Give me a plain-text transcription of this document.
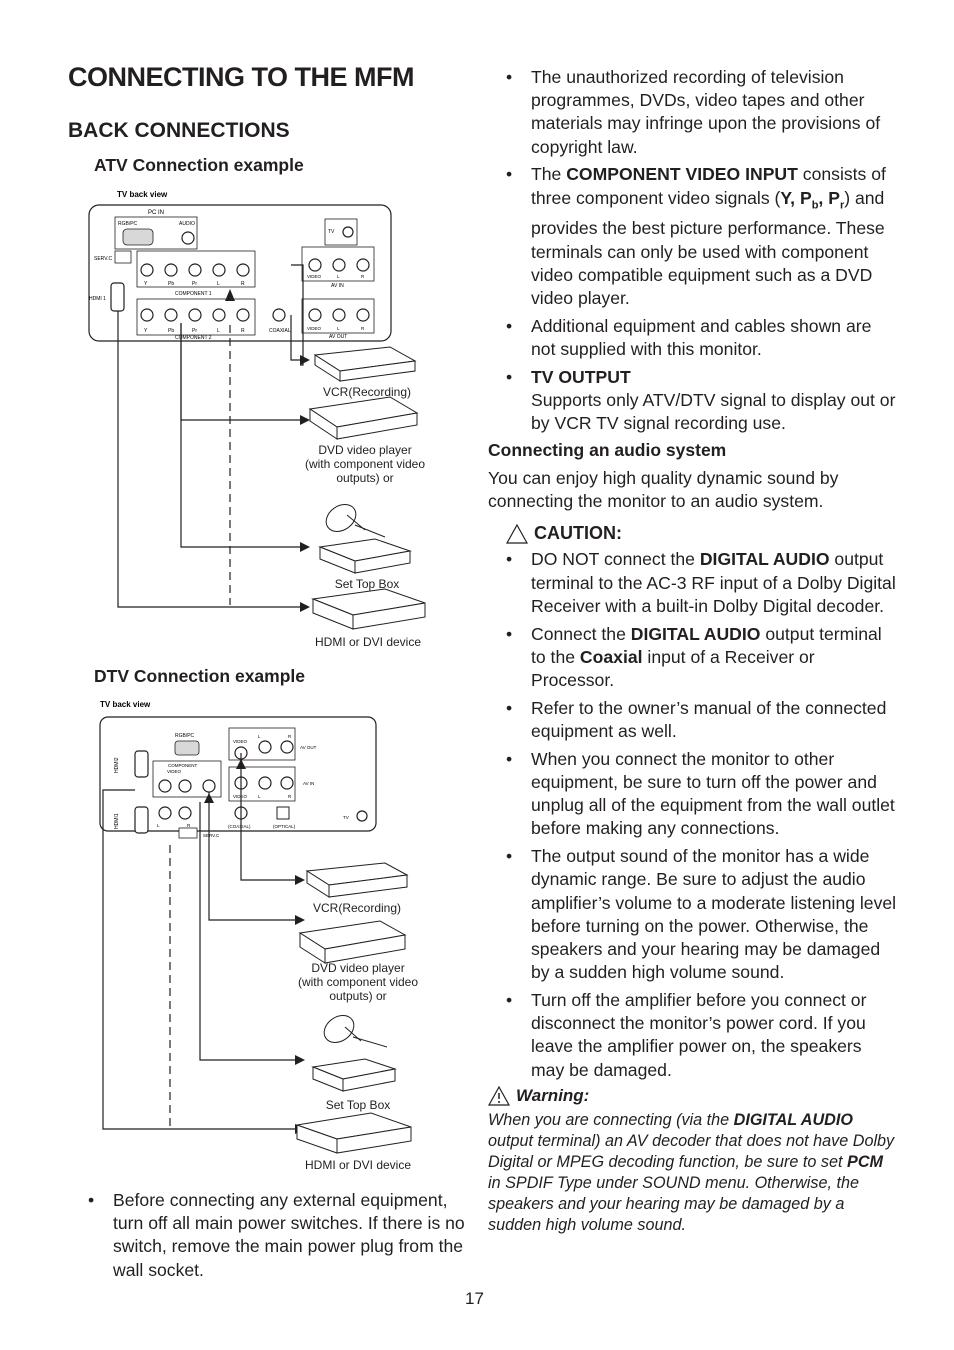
CONNECTING TO THE MFM
BACK CONNECTIONS
ATV Connection example
TV back view
PC IN
RGB/PC	AUDIO
TV
SERV.C
HDMI 1
Y	Pb	Pr	L	R
COMPONENT 1
Y	Pb	Pr	L	R
COMPONENT 2
COAXIAL
VIDEO	L	R
AV IN
VIDEO	L	R
AV OUT
VCR(Recording)
DVD video player
(with component video
outputs) or
Set Top Box
HDMI or DVI device
DTV Connection example
TV back view
RGB/PC
HDMI2
HDMI1
COMPONENT
VIDEO
L	R
SERV.C
VIDEO
L	R
AV OUT
VIDEO L	R
AV IN
(COAXIAL)	(OPTICAL)
TV
VCR(Recording)
DVD video player
(with component video
outputs) or
Set Top Box
HDMI or DVI device
• Before connecting any external equipment, turn off all main power switches. If there is no switch, remove the main power plug from the wall socket.
• The unauthorized recording of television programmes, DVDs, video tapes and other materials may infringe upon the provisions of copyright law.
• The COMPONENT VIDEO INPUT consists of three component video signals (Y, $P_b$, $P_r$) and provides the best picture performance. These terminals can only be used with component video compatible equipment such as a DVD video player.
• Additional equipment and cables shown are not supplied with this monitor.
• TV OUTPUT
Supports only ATV/DTV signal to display out or by VCR TV signal recording use.
Connecting an audio system
You can enjoy high quality dynamic sound by connecting the monitor to an audio system.
CAUTION:
• DO NOT connect the DIGITAL AUDIO output terminal to the AC-3 RF input of a Dolby Digital Receiver with a built-in Dolby Digital decoder.
• Connect the DIGITAL AUDIO output terminal to the Coaxial input of a Receiver or Processor.
• Refer to the owner’s manual of the connected equipment as well.
• When you connect the monitor to other equipment, be sure to turn off the power and unplug all of the equipment from the wall outlet before making any connections.
• The output sound of the monitor has a wide dynamic range. Be sure to adjust the audio amplifier’s volume to a moderate listening level before turning on the power. Otherwise, the speakers and your hearing may be damaged by a sudden high volume sound.
• Turn off the amplifier before you connect or disconnect the monitor’s power cord. If you leave the amplifier power on, the speakers may be damaged.
Warning:
When you are connecting (via the DIGITAL AUDIO output terminal) an AV decoder that does not have Dolby Digital or MPEG decoding function, be sure to set PCM in SPDIF Type under SOUND menu. Otherwise, the speakers and your hearing may be damaged by a sudden high volume sound.
17
